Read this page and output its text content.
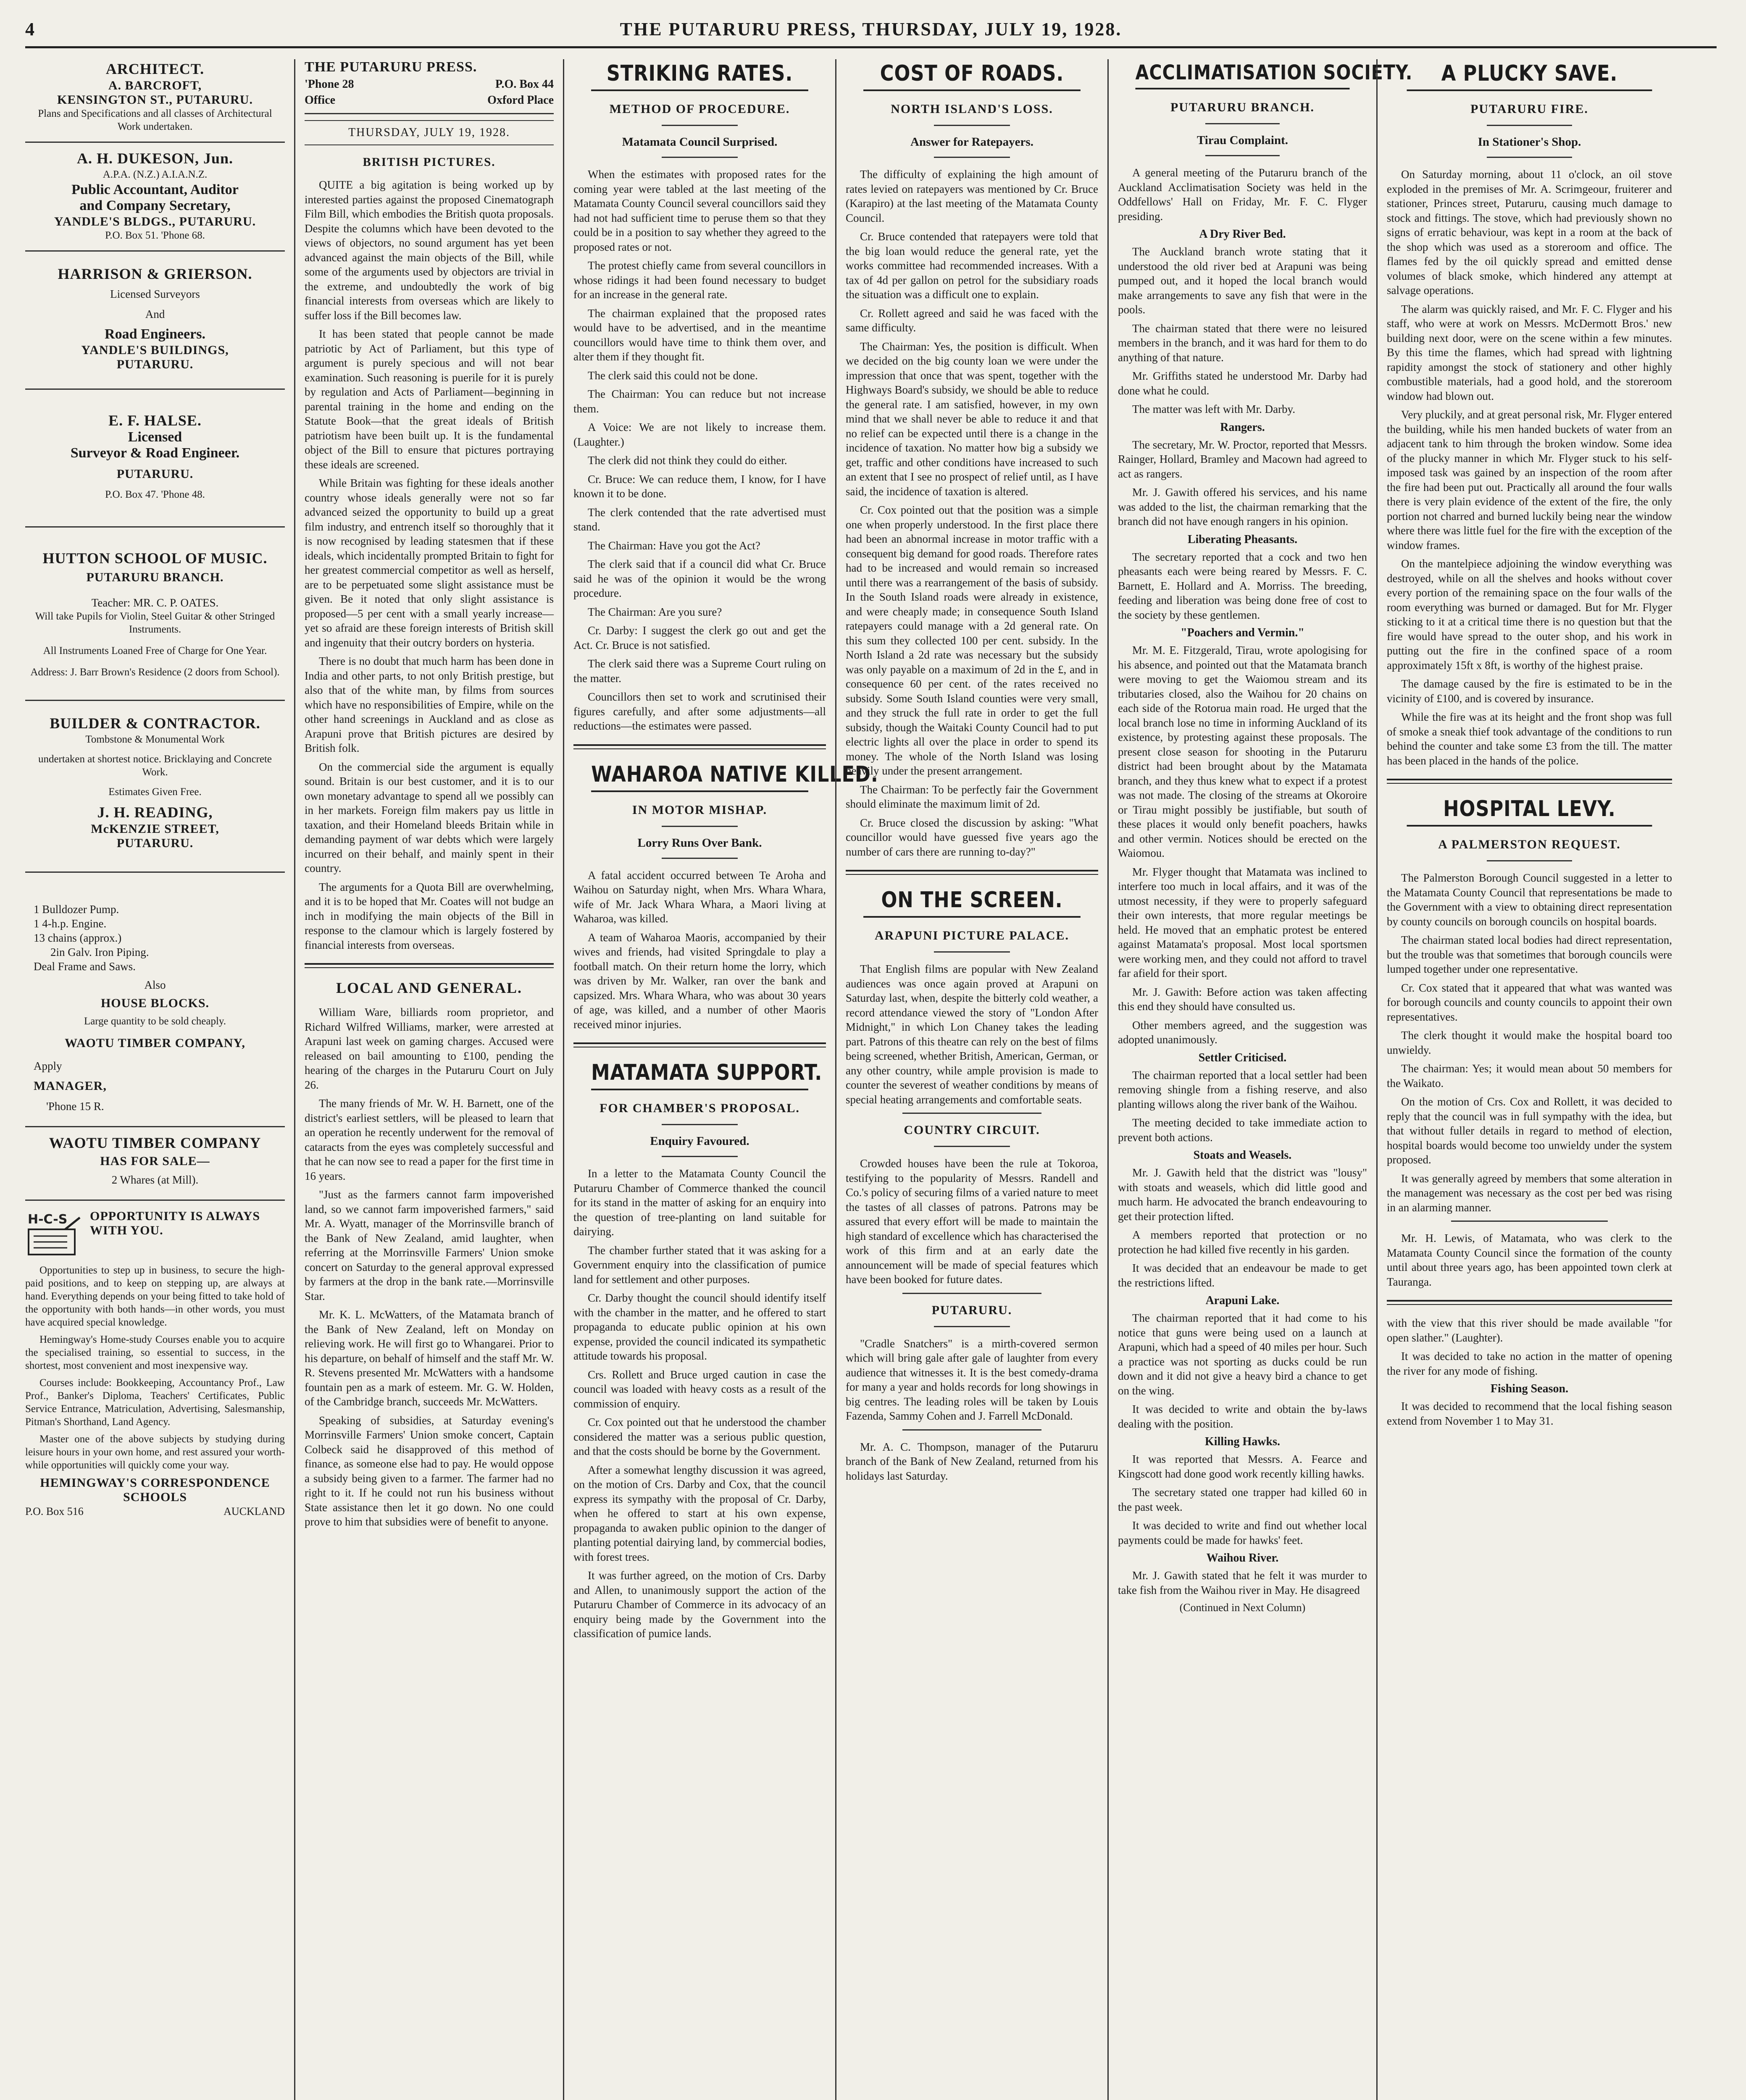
4	THE PUTARURU PRESS, THURSDAY, JULY 19, 1928.
ARCHITECT.
A. BARCROFT,
KENSINGTON ST., PUTARURU.
Plans and Specifications and all classes of Architectural Work undertaken.
A. H. DUKESON, Jun.
A.P.A. (N.Z.) A.I.A.N.Z.
Public Accountant, Auditor
and Company Secretary,
YANDLE'S BLDGS., PUTARURU.
P.O. Box 51. 'Phone 68.
HARRISON & GRIERSON.
Licensed Surveyors
And
Road Engineers.
YANDLE'S BUILDINGS,
PUTARURU.
E. F. HALSE.
Licensed
Surveyor & Road Engineer.
PUTARURU.
P.O. Box 47. 'Phone 48.
HUTTON SCHOOL OF MUSIC.
PUTARURU BRANCH.
Teacher: MR. C. P. OATES.
Will take Pupils for Violin, Steel Guitar & other Stringed Instruments.
All Instruments Loaned Free of Charge for One Year.
Address: J. Barr Brown's Residence (2 doors from School).
BUILDER & CONTRACTOR.
Tombstone & Monumental Work
undertaken at shortest notice. Bricklaying and Concrete Work.
Estimates Given Free.
J. H. READING,
McKENZIE STREET,
PUTARURU.
1 Bulldozer Pump.
1 4-h.p. Engine.
13 chains (approx.)
2in Galv. Iron Piping.
Deal Frame and Saws.
Also
HOUSE BLOCKS.
Large quantity to be sold cheaply.
WAOTU TIMBER COMPANY,
Apply
MANAGER,
'Phone 15 R.
WAOTU TIMBER COMPANY
HAS FOR SALE—
2 Whares (at Mill).
H-C-S OPPORTUNITY IS ALWAYS WITH YOU.

Opportunities to step up in business, to secure the high-paid positions, and to keep on stepping up, are always at hand. Everything depends on your being fitted to take hold of the opportunity with both hands—in other words, you must have acquired special knowledge.

Hemingway's Home-study Courses enable you to acquire the specialised training, so essential to success, in the shortest, most convenient and most inexpensive way.

Courses include: Bookkeeping, Accountancy Prof., Law Prof., Banker's Diploma, Teachers' Certificates, Public Service Entrance, Matriculation, Advertising, Salesmanship, Pitman's Shorthand, Land Agency.

Master one of the above subjects by studying during leisure hours in your own home, and rest assured your worth-while opportunities will quickly come your way.

HEMINGWAY'S CORRESPONDENCE SCHOOLS
P.O. Box 516	AUCKLAND
THE PUTARURU PRESS.
'Phone 28	P.O. Box 44
Office	Oxford Place
THURSDAY, JULY 19, 1928.
BRITISH PICTURES.

QUITE a big agitation is being worked up by interested parties against the proposed Cinematograph Film Bill, which embodies the British quota proposals. Despite the columns which have been devoted to the views of objectors, no sound argument has yet been advanced against the main objects of the Bill, while some of the arguments used by objectors are trivial in the extreme, and undoubtedly the work of big financial interests from overseas which are likely to suffer loss if the Bill becomes law.

It has been stated that people cannot be made patriotic by Act of Parliament, but this type of argument is purely specious and will not bear examination. Such reasoning is puerile for it is purely by regulation and Acts of Parliament—beginning in parental training in the home and ending on the Statute Book—that the great ideals of British patriotism have been built up. It is the fundamental object of the Bill to ensure that pictures portraying these ideals are screened.

While Britain was fighting for these ideals another country whose ideals generally were not so far advanced seized the opportunity to build up a great film industry, and entrench itself so thoroughly that it is now recognised by leading statesmen that if these ideals, which incidentally prompted Britain to fight for her greatest commercial competitor as well as herself, are to be perpetuated some slight assistance must be given. Be it noted that only slight assistance is proposed—5 per cent with a small yearly increase—yet so afraid are these foreign interests of British skill and ingenuity that their outcry borders on hysteria.

There is no doubt that much harm has been done in India and other parts, to not only British prestige, but also that of the white man, by films from sources which have no responsibilities of Empire, while on the other hand screenings in Auckland and as close as Arapuni prove that British pictures are desired by British folk.

On the commercial side the argument is equally sound. Britain is our best customer, and it is to our own monetary advantage to spend all we possibly can in her markets. Foreign film makers pay us little in taxation, and their Homeland bleeds Britain while in demanding payment of war debts which were largely incurred on their behalf, and mainly spent in their country.

The arguments for a Quota Bill are overwhelming, and it is to be hoped that Mr. Coates will not budge an inch in modifying the main objects of the Bill in response to the clamour which is largely fostered by financial interests from overseas.

LOCAL AND GENERAL.

William Ware, billiards room proprietor, and Richard Wilfred Williams, marker, were arrested at Arapuni last week on gaming charges. Accused were released on bail amounting to £100, pending the hearing of the charges in the Putaruru Court on July 26.

The many friends of Mr. W. H. Barnett, one of the district's earliest settlers, will be pleased to learn that an operation he recently underwent for the removal of cataracts from the eyes was completely successful and that he can now see to read a paper for the first time in 16 years.

"Just as the farmers cannot farm impoverished land, so we cannot farm impoverished farmers," said Mr. A. Wyatt, manager of the Morrinsville branch of the Bank of New Zealand, amid laughter, when referring at the Morrinsville Farmers' Union smoke concert on Saturday to the general approval expressed by farmers at the drop in the bank rate.—Morrinsville Star.

Mr. K. L. McWatters, of the Matamata branch of the Bank of New Zealand, left on Monday on relieving work. He will first go to Whangarei. Prior to his departure, on behalf of himself and the staff Mr. W. R. Stevens presented Mr. McWatters with a handsome fountain pen as a mark of esteem. Mr. G. W. Holden, of the Cambridge branch, succeeds Mr. McWatters.

Speaking of subsidies, at Saturday evening's Morrinsville Farmers' Union smoke concert, Captain Colbeck said he disapproved of this method of finance, as someone else had to pay. He would oppose a subsidy being given to a farmer. The farmer had no right to it. If he could not run his business without State assistance then let it go down. No one could prove to him that subsidies were of benefit to anyone.

STRIKING RATES.
METHOD OF PROCEDURE.
Matamata Council Surprised.

When the estimates with proposed rates for the coming year were tabled at the last meeting of the Matamata County Council several councillors said they had not had sufficient time to peruse them so that they could be in a position to say whether they agreed to the proposed rates or not.

The protest chiefly came from several councillors in whose ridings it had been found necessary to budget for an increase in the general rate.

The chairman explained that the proposed rates would have to be advertised, and in the meantime councillors would have time to think them over, and alter them if they thought fit.

The clerk said this could not be done.

The Chairman: You can reduce but not increase them.

A Voice: We are not likely to increase them. (Laughter.)

The clerk did not think they could do either.

Cr. Bruce: We can reduce them, I know, for I have known it to be done.

The clerk contended that the rate advertised must stand.

The Chairman: Have you got the Act?

The clerk said that if a council did what Cr. Bruce said he was of the opinion it would be the wrong procedure.

The Chairman: Are you sure?

Cr. Darby: I suggest the clerk go out and get the Act. Cr. Bruce is not satisfied.

The clerk said there was a Supreme Court ruling on the matter.

Councillors then set to work and scrutinised their figures carefully, and after some adjustments—all reductions—the estimates were passed.

WAHAROA NATIVE KILLED.
IN MOTOR MISHAP.
Lorry Runs Over Bank.

A fatal accident occurred between Te Aroha and Waihou on Saturday night, when Mrs. Whara Whara, wife of Mr. Jack Whara Whara, a Maori living at Waharoa, was killed.

A team of Waharoa Maoris, accompanied by their wives and friends, had visited Springdale to play a football match. On their return home the lorry, which was driven by Mr. Walker, ran over the bank and capsized. Mrs. Whara Whara, who was about 30 years of age, was killed, and a number of other Maoris received minor injuries.

MATAMATA SUPPORT.
FOR CHAMBER'S PROPOSAL.
Enquiry Favoured.

In a letter to the Matamata County Council the Putaruru Chamber of Commerce thanked the council for its stand in the matter of asking for an enquiry into the question of tree-planting on land suitable for dairying.

The chamber further stated that it was asking for a Government enquiry into the classification of pumice land for settlement and other purposes.

Cr. Darby thought the council should identify itself with the chamber in the matter, and he offered to start propaganda to educate public opinion at his own expense, provided the council indicated its sympathetic attitude towards his proposal.

Crs. Rollett and Bruce urged caution in case the council was loaded with heavy costs as a result of the commission of enquiry.

Cr. Cox pointed out that he understood the chamber considered the matter was a serious public question, and that the costs should be borne by the Government.

After a somewhat lengthy discussion it was agreed, on the motion of Crs. Darby and Cox, that the council express its sympathy with the proposal of Cr. Darby, when he offered to start at his own expense, propaganda to awaken public opinion to the danger of planting potential dairying land, by commercial bodies, with forest trees.

It was further agreed, on the motion of Crs. Darby and Allen, to unanimously support the action of the Putaruru Chamber of Commerce in its advocacy of an enquiry being made by the Government into the classification of pumice lands.

COST OF ROADS.
NORTH ISLAND'S LOSS.
Answer for Ratepayers.

The difficulty of explaining the high amount of rates levied on ratepayers was mentioned by Cr. Bruce (Karapiro) at the last meeting of the Matamata County Council.

Cr. Bruce contended that ratepayers were told that the big loan would reduce the general rate, yet the works committee had recommended increases. With a tax of 4d per gallon on petrol for the subsidiary roads the situation was a difficult one to explain.

Cr. Rollett agreed and said he was faced with the same difficulty.

The Chairman: Yes, the position is difficult. When we decided on the big county loan we were under the impression that once that was spent, together with the Highways Board's subsidy, we should be able to reduce the general rate. I am satisfied, however, in my own mind that we shall never be able to reduce it and that no relief can be expected until there is a change in the incidence of taxation. No matter how big a subsidy we get, traffic and other conditions have increased to such an extent that I see no prospect of relief until, as I have said, the incidence of taxation is altered.

Cr. Cox pointed out that the position was a simple one when properly understood. In the first place there had been an abnormal increase in motor traffic with a consequent big demand for good roads. Therefore rates had to be increased and would remain so increased until there was a rearrangement of the basis of subsidy. In the South Island roads were already in existence, and were cheaply made; in consequence South Island ratepayers could manage with a 2d general rate. On this sum they collected 100 per cent. subsidy. In the North Island a 2d rate was necessary but the subsidy was only payable on a maximum of 2d in the £, and in consequence 60 per cent. of the rates received no subsidy. Some South Island counties were very small, and they struck the full rate in order to get the full subsidy, though the Waitaki County Council had to put electric lights all over the place in order to spend its money. The whole of the North Island was losing heavily under the present arrangement.

The Chairman: To be perfectly fair the Government should eliminate the maximum limit of 2d.

Cr. Bruce closed the discussion by asking: "What councillor would have guessed five years ago the number of cars there are running to-day?"

ON THE SCREEN.
ARAPUNI PICTURE PALACE.

That English films are popular with New Zealand audiences was once again proved at Arapuni on Saturday last, when, despite the bitterly cold weather, a record attendance viewed the story of "London After Midnight," in which Lon Chaney takes the leading part. Patrons of this theatre can rely on the best of films being screened, whether British, American, German, or any other country, while ample provision is made to counter the severest of weather conditions by means of special heating arrangements and comfortable seats.

COUNTRY CIRCUIT.

Crowded houses have been the rule at Tokoroa, testifying to the popularity of Messrs. Randell and Co.'s policy of securing films of a varied nature to meet the tastes of all classes of patrons. Patrons may be assured that every effort will be made to maintain the high standard of excellence which has characterised the work of this firm and at an early date the announcement will be made of special features which have been booked for future dates.

PUTARURU.

"Cradle Snatchers" is a mirth-covered sermon which will bring gale after gale of laughter from every audience that witnesses it. It is the best comedy-drama for many a year and holds records for long showings in big centres. The leading roles will be taken by Louis Fazenda, Sammy Cohen and J. Farrell McDonald.

Mr. A. C. Thompson, manager of the Putaruru branch of the Bank of New Zealand, returned from his holidays last Saturday.

ACCLIMATISATION SOCIETY.
PUTARURU BRANCH.
Tirau Complaint.

A general meeting of the Putaruru branch of the Auckland Acclimatisation Society was held in the Oddfellows' Hall on Friday, Mr. F. C. Flyger presiding.

A Dry River Bed.

The Auckland branch wrote stating that it understood the old river bed at Arapuni was being pumped out, and it hoped the local branch would make arrangements to save any fish that were in the pools.

The chairman stated that there were no leisured members in the branch, and it was hard for them to do anything of that nature.

Mr. Griffiths stated he understood Mr. Darby had done what he could.

The matter was left with Mr. Darby.

Rangers.

The secretary, Mr. W. Proctor, reported that Messrs. Rainger, Hollard, Bramley and Macown had agreed to act as rangers.

Mr. J. Gawith offered his services, and his name was added to the list, the chairman remarking that the branch did not have enough rangers in his opinion.

Liberating Pheasants.

The secretary reported that a cock and two hen pheasants each were being reared by Messrs. F. C. Barnett, E. Hollard and A. Morriss. The breeding, feeding and liberation was being done free of cost to the society by these gentlemen.

"Poachers and Vermin."

Mr. M. E. Fitzgerald, Tirau, wrote apologising for his absence, and pointed out that the Matamata branch were moving to get the Waiomou stream and its tributaries closed, also the Waihou for 20 chains on each side of the Rotorua main road. He urged that the local branch lose no time in informing Auckland of its existence, by protesting against these proposals. The present close season for shooting in the Putaruru district had been brought about by the Matamata branch, and they thus knew what to expect if a protest was not made. The closing of the streams at Okoroire or Tirau might possibly be justifiable, but south of these places it would only benefit poachers, hawks and other vermin. Notices should be erected on the Waiomou.

Mr. Flyger thought that Matamata was inclined to interfere too much in local affairs, and it was of the utmost necessity, if they were to properly safeguard their own interests, that more regular meetings be held. He moved that an emphatic protest be entered against Matamata's proposal. Most local sportsmen were working men, and they could not afford to travel far afield for their sport.

Mr. J. Gawith: Before action was taken affecting this end they should have consulted us.

Other members agreed, and the suggestion was adopted unanimously.

Settler Criticised.

The chairman reported that a local settler had been removing shingle from a fishing reserve, and also planting willows along the river bank of the Waihou.

The meeting decided to take immediate action to prevent both actions.

Stoats and Weasels.

Mr. J. Gawith held that the district was "lousy" with stoats and weasels, which did little good and much harm. He advocated the branch endeavouring to get their protection lifted.

A members reported that protection or no protection he had killed five recently in his garden.

It was decided that an endeavour be made to get the restrictions lifted.

Arapuni Lake.

The chairman reported that it had come to his notice that guns were being used on a launch at Arapuni, which had a speed of 40 miles per hour. Such a practice was not sporting as ducks could be run down and it did not give a heavy bird a chance to get on the wing.

It was decided to write and obtain the by-laws dealing with the position.

Killing Hawks.

It was reported that Messrs. A. Fearce and Kingscott had done good work recently killing hawks.

The secretary stated one trapper had killed 60 in the past week.

It was decided to write and find out whether local payments could be made for hawks' feet.

Waihou River.

Mr. J. Gawith stated that he felt it was murder to take fish from the Waihou river in May. He disagreed

(Continued in Next Column)
A PLUCKY SAVE.
PUTARURU FIRE.
In Stationer's Shop.

On Saturday morning, about 11 o'clock, an oil stove exploded in the premises of Mr. A. Scrimgeour, fruiterer and stationer, Princes street, Putaruru, causing much damage to stock and fittings. The stove, which had previously shown no signs of erratic behaviour, was kept in a room at the back of the shop which was used as a storeroom and office. The flames fed by the oil quickly spread and emitted dense volumes of black smoke, which hindered any attempt at salvage operations.

The alarm was quickly raised, and Mr. F. C. Flyger and his staff, who were at work on Messrs. McDermott Bros.' new building next door, were on the scene within a few minutes. By this time the flames, which had spread with lightning rapidity amongst the stock of stationery and other highly combustible materials, had a good hold, and the storeroom window had blown out.

Very pluckily, and at great personal risk, Mr. Flyger entered the building, while his men handed buckets of water from an adjacent tank to him through the broken window. Some idea of the plucky manner in which Mr. Flyger stuck to his self-imposed task was gained by an inspection of the room after the fire had been put out. Practically all around the four walls there is very plain evidence of the extent of the fire, the only portion not charred and burned luckily being near the window where there was little fuel for the fire with the exception of the window frames.

On the mantelpiece adjoining the window everything was destroyed, while on all the shelves and hooks without cover every portion of the remaining space on the four walls of the room everything was burned or damaged. But for Mr. Flyger sticking to it at a critical time there is no question but that the fire would have spread to the outer shop, and his work in putting out the fire in the confined space of a room approximately 15ft x 8ft, is worthy of the highest praise.

The damage caused by the fire is estimated to be in the vicinity of £100, and is covered by insurance.

While the fire was at its height and the front shop was full of smoke a sneak thief took advantage of the conditions to run behind the counter and take some £3 from the till. The matter has been placed in the hands of the police.

HOSPITAL LEVY.
A PALMERSTON REQUEST.

The Palmerston Borough Council suggested in a letter to the Matamata County Council that representations be made to the Government with a view to obtaining direct representation by county councils on borough councils on hospital boards.

The chairman stated local bodies had direct representation, but the trouble was that sometimes that borough councils were lumped together under one representative.

Cr. Cox stated that it appeared that what was wanted was for borough councils and county councils to appoint their own representatives.

The clerk thought it would make the hospital board too unwieldy.

The chairman: Yes; it would mean about 50 members for the Waikato.

On the motion of Crs. Cox and Rollett, it was decided to reply that the council was in full sympathy with the idea, but that without fuller details in regard to method of election, hospital boards would become too unwieldy under the system proposed.

It was generally agreed by members that some alteration in the management was necessary as the cost per bed was rising in an alarming manner.

Mr. H. Lewis, of Matamata, who was clerk to the Matamata County Council since the formation of the county until about three years ago, has been appointed town clerk at Tauranga.

with the view that this river should be made available "for open slather." (Laughter).

It was decided to take no action in the matter of opening the river for any mode of fishing.

Fishing Season.

It was decided to recommend that the local fishing season extend from November 1 to May 31.
